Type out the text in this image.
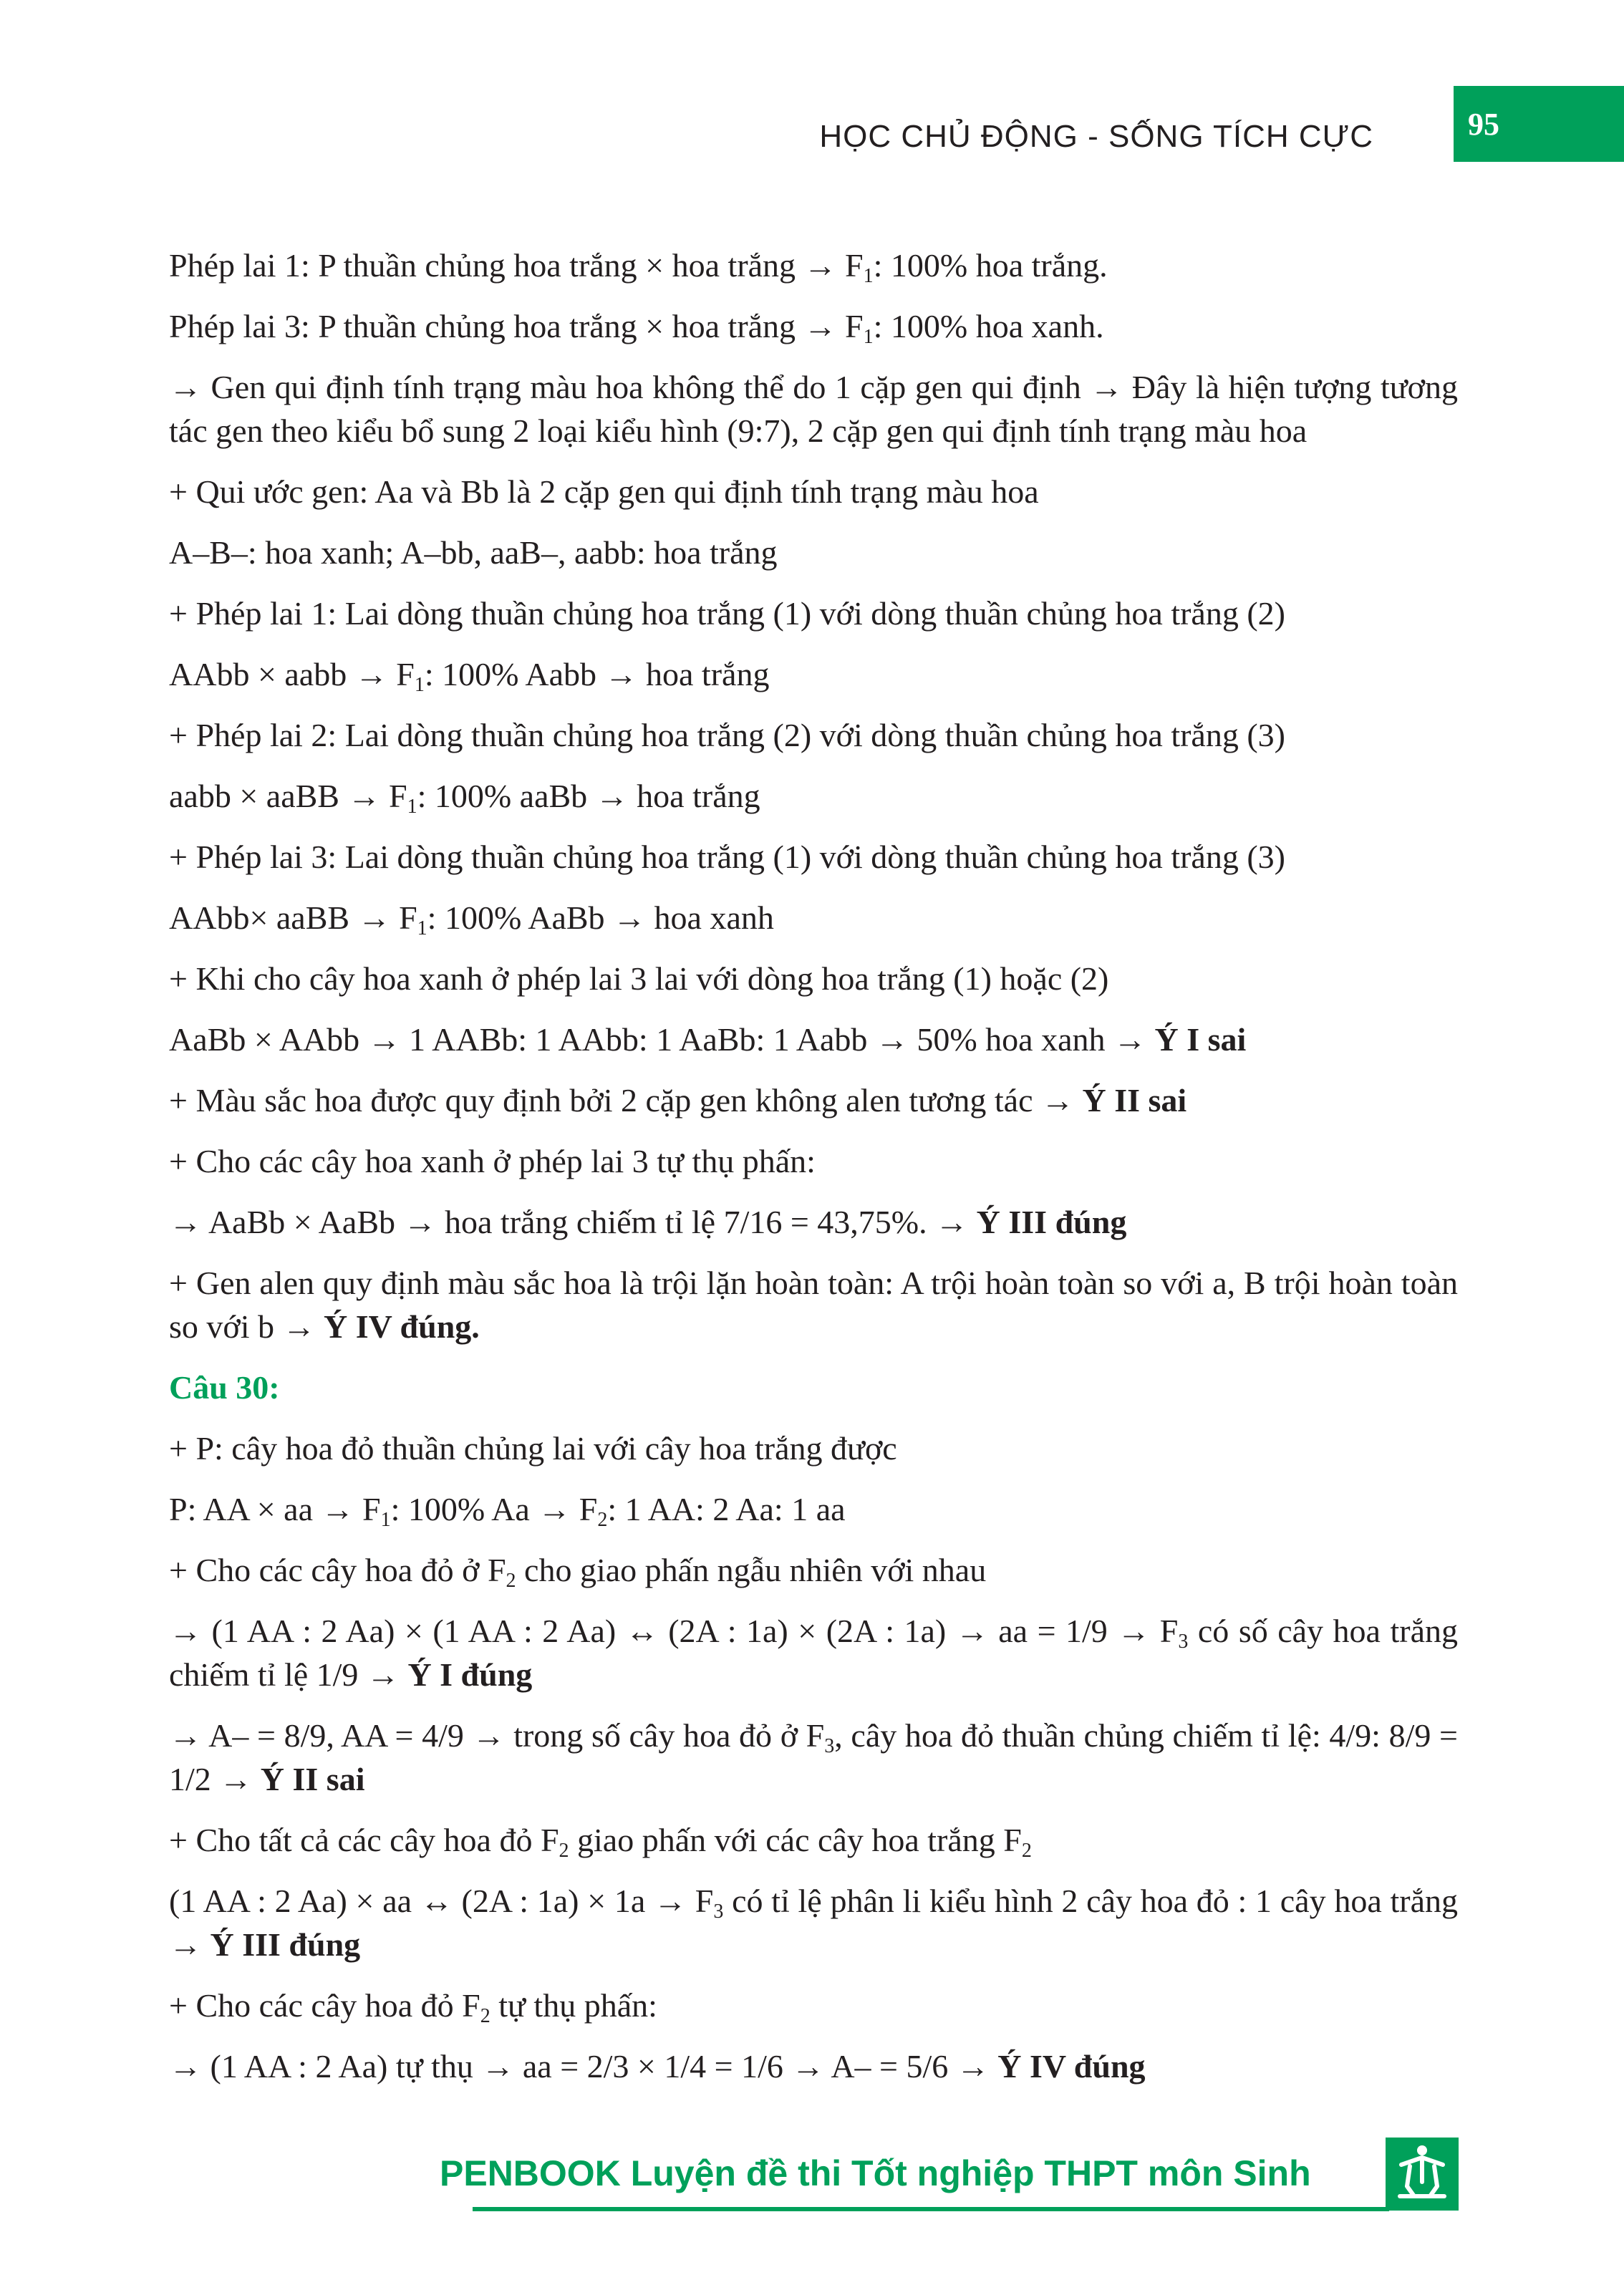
HỌC CHỦ ĐỘNG - SỐNG TÍCH CỰC	95

Phép lai 1: P thuần chủng hoa trắng × hoa trắng → $F_1$: 100% hoa trắng.

Phép lai 3: P thuần chủng hoa trắng × hoa trắng → $F_1$: 100% hoa xanh.

→ Gen qui định tính trạng màu hoa không thể do 1 cặp gen qui định → Đây là hiện tượng tương tác gen theo kiểu bổ sung 2 loại kiểu hình (9:7), 2 cặp gen qui định tính trạng màu hoa

+ Qui ước gen: Aa và Bb là 2 cặp gen qui định tính trạng màu hoa

A–B–: hoa xanh; A–bb, aaB–, aabb: hoa trắng

+ Phép lai 1: Lai dòng thuần chủng hoa trắng (1) với dòng thuần chủng hoa trắng (2)

AAbb × aabb → $F_1$: 100% Aabb → hoa trắng

+ Phép lai 2: Lai dòng thuần chủng hoa trắng (2) với dòng thuần chủng hoa trắng (3)

aabb × aaBB → $F_1$: 100% aaBb → hoa trắng

+ Phép lai 3: Lai dòng thuần chủng hoa trắng (1) với dòng thuần chủng hoa trắng (3)

AAbb× aaBB → $F_1$: 100% AaBb → hoa xanh

+ Khi cho cây hoa xanh ở phép lai 3 lai với dòng hoa trắng (1) hoặc (2)

AaBb × AAbb → 1 AABb: 1 AAbb: 1 AaBb: 1 Aabb → 50% hoa xanh → Ý I sai

+ Màu sắc hoa được quy định bởi 2 cặp gen không alen tương tác → Ý II sai

+ Cho các cây hoa xanh ở phép lai 3 tự thụ phấn:

→ AaBb × AaBb → hoa trắng chiếm tỉ lệ 7/16 = 43,75%. → Ý III đúng

+ Gen alen quy định màu sắc hoa là trội lặn hoàn toàn: A trội hoàn toàn so với a, B trội hoàn toàn so với b → Ý IV đúng.

Câu 30:

+ P: cây hoa đỏ thuần chủng lai với cây hoa trắng được

P: AA × aa → $F_1$: 100% $Aa \to F_2$: 1 AA: 2 Aa: 1 aa

+ Cho các cây hoa đỏ ở $F_2$ cho giao phấn ngẫu nhiên với nhau

→ (1 AA : 2 Aa) × (1 AA : 2 Aa) ↔ (2A : 1a) × (2A : 1a) → aa = $1/9 \to F_3$ có số cây hoa trắng chiếm tỉ lệ 1/9 → Ý I đúng

→ A– = 8/9, AA = 4/9 → trong số cây hoa đỏ ở $F_3$, cây hoa đỏ thuần chủng chiếm tỉ lệ: 4/9: 8/9 = 1/2 → Ý II sai

+ Cho tất cả các cây hoa đỏ $F_2$ giao phấn với các cây hoa trắng $F_2$

(1 AA : 2 Aa) × aa ↔ (2A : $1a) \times 1a \to F_3$ có tỉ lệ phân li kiểu hình 2 cây hoa đỏ : 1 cây hoa trắng → Ý III đúng

+ Cho các cây hoa đỏ $F_2$ tự thụ phấn:

→ (1 AA : 2 Aa) tự thụ → aa = 2/3 × 1/4 = 1/6 → A– = 5/6 → Ý IV đúng

PENBOOK Luyện đề thi Tốt nghiệp THPT môn Sinh
